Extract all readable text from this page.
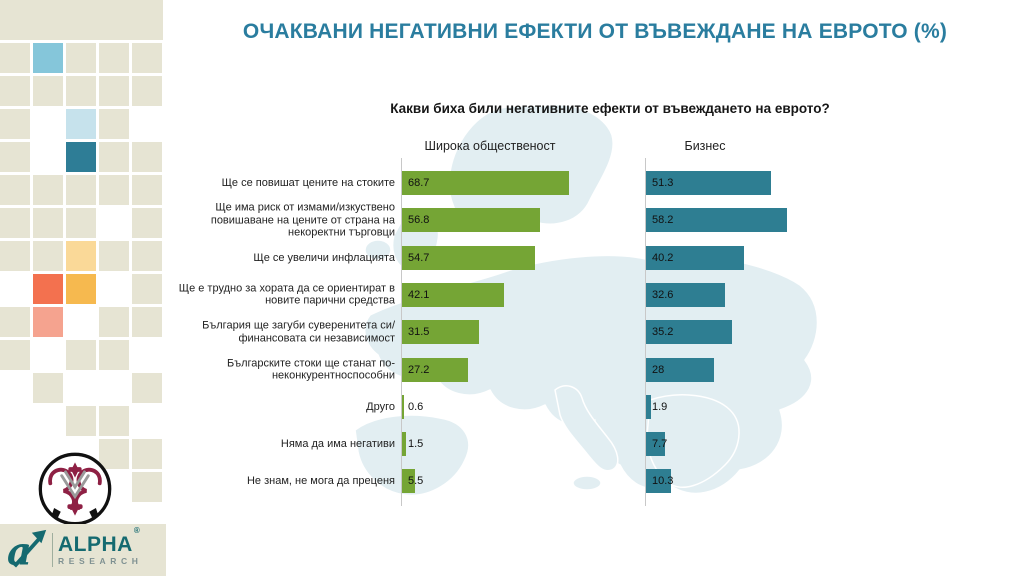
a ALPHA®
RESEARCH
ОЧАКВАНИ НЕГАТИВНИ ЕФЕКТИ ОТ ВЪВЕЖДАНЕ НА ЕВРОТО (%)
Какви биха били негативните ефекти от въвеждането на еврото?
Широка общественост	Бизнес
Ще се повишат цените на стоките 68.7	51.3
Ще има риск от измами/изкуствено повишаване на цените от страна на некоректни търговци
56.8	58.2
Ще се увеличи инфлацията 54.7	40.2
Ще е трудно за хората да се ориентират в новите парични средства 42.1	32.6
България ще загуби суверенитета си/финансовата си независимост 31.5	35.2
Българските стоки ще станат по-неконкурентноспособни 27.2	28
Друго 0.6	1.9
Няма да има негативи 1.5	7.7
Не знам, не мога да преценя 5.5	10.3
